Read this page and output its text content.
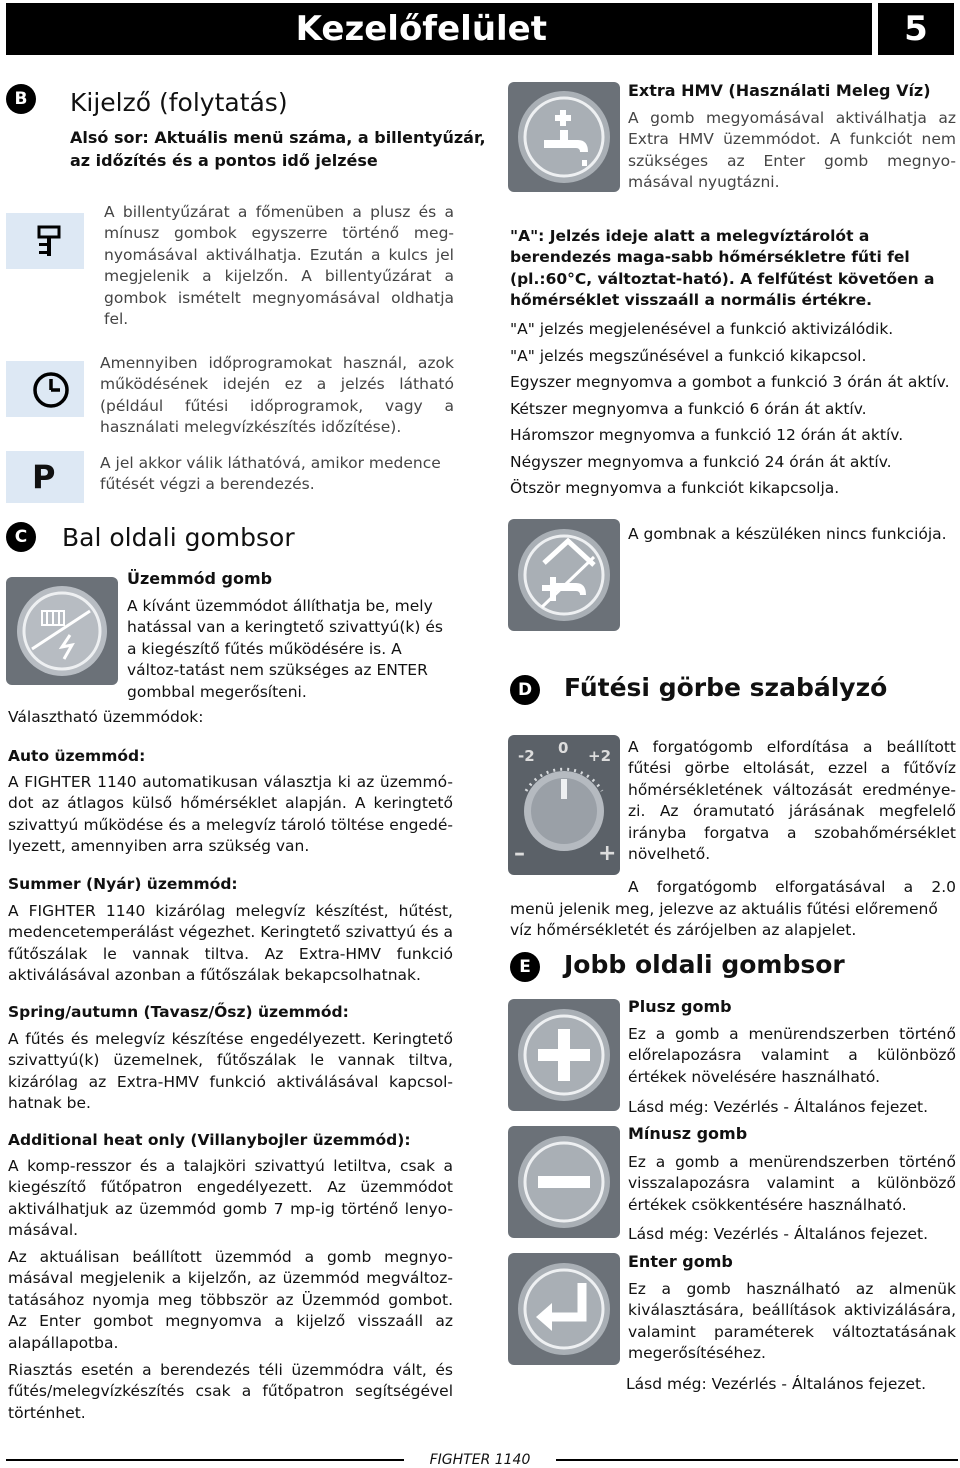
Kezelőfelület	5
B	Kijelző (folytatás)
Alsó sor: Aktuális menü száma, a billentyűzár,
az időzítés és a pontos idő jelzése
A billentyűzárat a főmenüben a plusz és a mínusz gombok egyszerre történő meg-nyomásával aktiválhatja. Ezután a kulcs jel megjelenik a kijelzőn. A billentyűzárat a gombok ismételt megnyomásával oldhatja fel.
Amennyiben időprogramokat használ, azok működésének idején ez a jelzés látható (például fűtési időprogramok, vagy a használati melegvízkészítés időzítése).
P	A jel akkor válik láthatóvá, amikor medence fűtését végzi a berendezés.
C	Bal oldali gombsor
Üzemmód gomb
A kívánt üzemmódot állíthatja be, mely hatással van a keringtető szivattyú(k) és a kiegészítő fűtés működésére is. A változ-tatást nem szükséges az ENTER gombbal megerősíteni.
Választható üzemmódok:
Auto üzemmód:
A FIGHTER 1140 automatikusan választja ki az üzemmó-dot az átlagos külső hőmérséklet alapján. A keringtető szivattyú működése és a melegvíz tároló töltése engedé-lyezett, amennyiben arra szükség van.
Summer (Nyár) üzemmód:
A FIGHTER 1140 kizárólag melegvíz készítést, hűtést, medencetemperálást végezhet. Keringtető szivattyú és a fűtőszálak le vannak tiltva. Az Extra-HMV funkció aktiválásával azonban a fűtőszálak bekapcsolhatnak.
Spring/autumn (Tavasz/Ősz) üzemmód:
A fűtés és melegvíz készítése engedélyezett. Keringtető szivattyú(k) üzemelnek, fűtőszálak le vannak tiltva, kizárólag az Extra-HMV funkció aktiválásával kapcsol-hatnak be.
Additional heat only (Villanybojler üzemmód):
A komp-resszor és a talajköri szivattyú letiltva, csak a kiegészítő fűtőpatron engedélyezett. Az üzemmódot aktiválhatjuk az üzemmód gomb 7 mp-ig történő lenyo-másával.
Az aktuálisan beállított üzemmód a gomb megnyo-másával megjelenik a kijelzőn, az üzemmód megváltoz-tatásához nyomja meg többször az Üzemmód gombot. Az Enter gombot megnyomva a kijelző visszaáll az alapállapotba.
Riasztás esetén a berendezés téli üzemmódra vált, és fűtés/melegvízkészítés csak a fűtőpatron segítségével történhet.
Extra HMV (Használati Meleg Víz)
A gomb megyomásával aktiválhatja az Extra HMV üzemmódot. A funkciót nem szükséges az Enter gomb megnyo-másával nyugtázni.
"A": Jelzés ideje alatt a melegvíztárolót a berendezés maga-sabb hőmérsékletre fűti fel (pl.:60°C, változtat-ható). A felfűtést követően a hőmérséklet visszaáll a normális értékre.
"A" jelzés megjelenésével a funkció aktivizálódik.
"A" jelzés megszűnésével a funkció kikapcsol.
Egyszer megnyomva a gombot a funkció 3 órán át aktív.
Kétszer megnyomva a funkció 6 órán át aktív.
Háromszor megnyomva a funkció 12 órán át aktív.
Négyszer megnyomva a funkció 24 órán át aktív.
Ötször megnyomva a funkciót kikapcsolja.
A gombnak a készüléken nincs funkciója.
D	Fűtési görbe szabályzó
-2 0 +2
–	+
A forgatógomb elfordítása a beállított fűtési görbe eltolását, ezzel a fűtővíz hőmérsékletének változását eredménye-zi. Az óramutató járásának megfelelő irányba forgatva a szobahőmérséklet növelhető.
A forgatógomb elforgatásával a 2.0
menü jelenik meg, jelezve az aktuális fűtési előremenő víz hőmérsékletét és zárójelben az alapjelet.
E	Jobb oldali gombsor
Plusz gomb
Ez a gomb a menürendszerben történő előrelapozásra valamint a különböző értékek növelésére használható.
Lásd még: Vezérlés - Általános fejezet.
Mínusz gomb
Ez a gomb a menürendszerben történő visszalapozásra valamint a különböző értékek csökkentésére használható.
Lásd még: Vezérlés - Általános fejezet.
Enter gomb
Ez a gomb használható az almenük kiválasztására, beállítások aktivizálására, valamint paraméterek változtatásának megerősítéséhez.
Lásd még: Vezérlés - Általános fejezet.
FIGHTER 1140
